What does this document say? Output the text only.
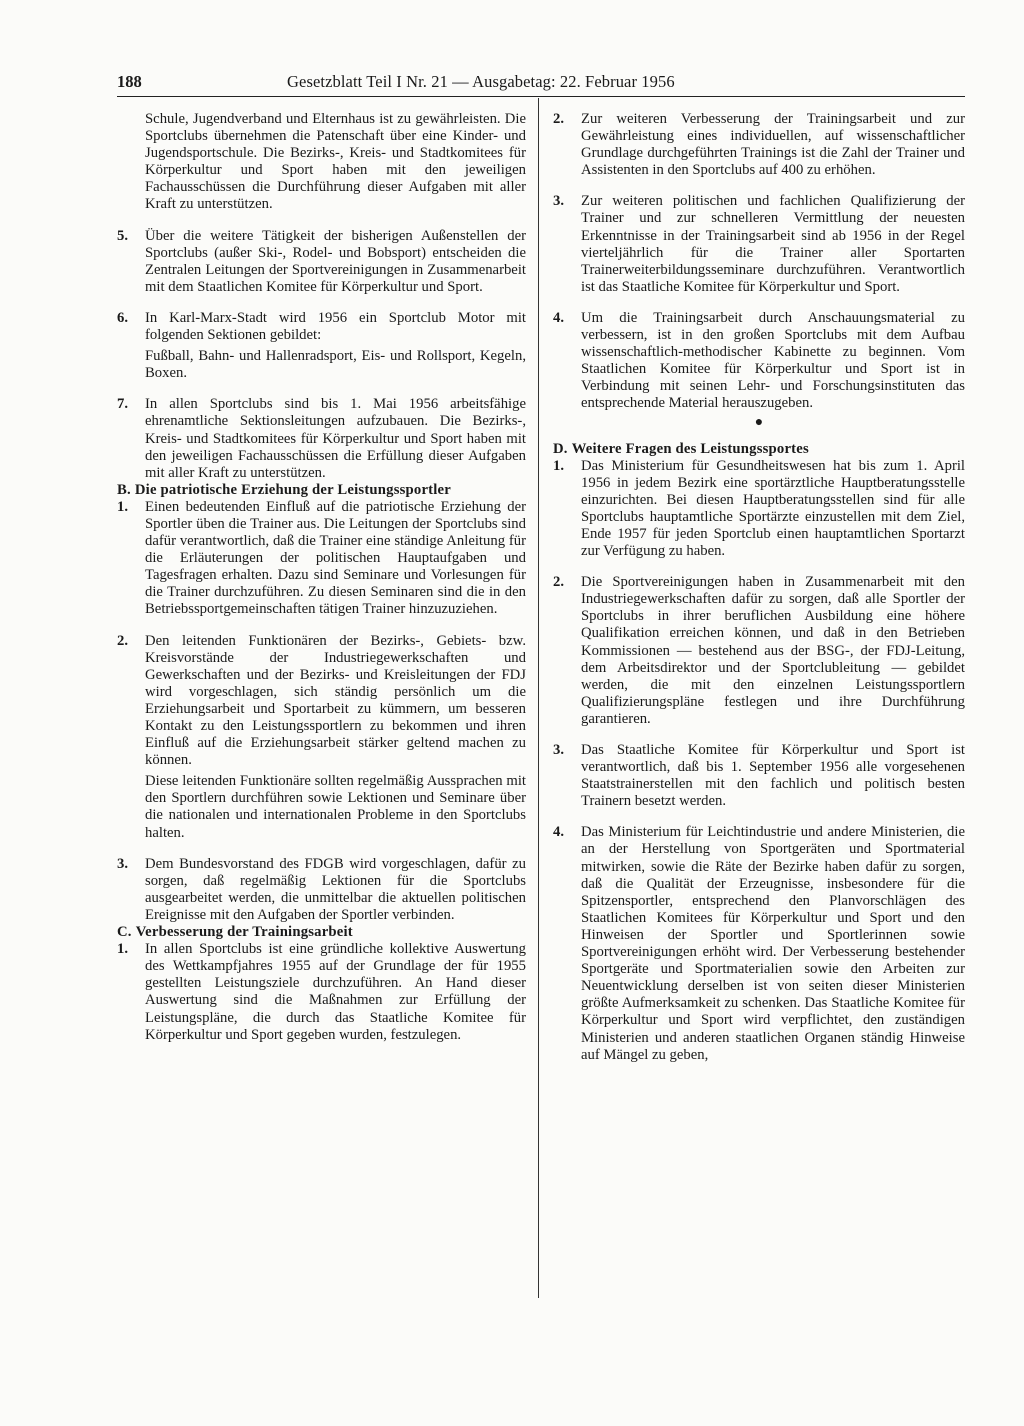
188	Gesetzblatt Teil I Nr. 21 — Ausgabetag: 22. Februar 1956

Schule, Jugendverband und Elternhaus ist zu gewährleisten. Die Sportclubs übernehmen die Patenschaft über eine Kinder- und Jugendsportschule. Die Bezirks-, Kreis- und Stadtkomitees für Körperkultur und Sport haben mit den jeweiligen Fachausschüssen die Durchführung dieser Aufgaben mit aller Kraft zu unterstützen.

5. Über die weitere Tätigkeit der bisherigen Außenstellen der Sportclubs (außer Ski-, Rodel- und Bobsport) entscheiden die Zentralen Leitungen der Sportvereinigungen in Zusammenarbeit mit dem Staatlichen Komitee für Körperkultur und Sport.

6. In Karl-Marx-Stadt wird 1956 ein Sportclub Motor mit folgenden Sektionen gebildet:

Fußball, Bahn- und Hallenradsport, Eis- und Rollsport, Kegeln, Boxen.

7. In allen Sportclubs sind bis 1. Mai 1956 arbeitsfähige ehrenamtliche Sektionsleitungen aufzubauen. Die Bezirks-, Kreis- und Stadtkomitees für Körperkultur und Sport haben mit den jeweiligen Fachausschüssen die Erfüllung dieser Aufgaben mit aller Kraft zu unterstützen.

B. Die patriotische Erziehung der Leistungssportler

1. Einen bedeutenden Einfluß auf die patriotische Erziehung der Sportler üben die Trainer aus. Die Leitungen der Sportclubs sind dafür verantwortlich, daß die Trainer eine ständige Anleitung für die Erläuterungen der politischen Hauptaufgaben und Tagesfragen erhalten. Dazu sind Seminare und Vorlesungen für die Trainer durchzuführen. Zu diesen Seminaren sind die in den Betriebssportgemeinschaften tätigen Trainer hinzuzuziehen.

2. Den leitenden Funktionären der Bezirks-, Gebiets- bzw. Kreisvorstände der Industriegewerkschaften und Gewerkschaften und der Bezirks- und Kreisleitungen der FDJ wird vorgeschlagen, sich ständig persönlich um die Erziehungsarbeit und Sportarbeit zu kümmern, um besseren Kontakt zu den Leistungssportlern zu bekommen und ihren Einfluß auf die Erziehungsarbeit stärker geltend machen zu können.

Diese leitenden Funktionäre sollten regelmäßig Aussprachen mit den Sportlern durchführen sowie Lektionen und Seminare über die nationalen und internationalen Probleme in den Sportclubs halten.

3. Dem Bundesvorstand des FDGB wird vorgeschlagen, dafür zu sorgen, daß regelmäßig Lektionen für die Sportclubs ausgearbeitet werden, die unmittelbar die aktuellen politischen Ereignisse mit den Aufgaben der Sportler verbinden.

C. Verbesserung der Trainingsarbeit

1. In allen Sportclubs ist eine gründliche kollektive Auswertung des Wettkampfjahres 1955 auf der Grundlage der für 1955 gestellten Leistungsziele durchzuführen. An Hand dieser Auswertung sind die Maßnahmen zur Erfüllung der Leistungspläne, die durch das Staatliche Komitee für Körperkultur und Sport gegeben wurden, festzulegen.

2. Zur weiteren Verbesserung der Trainingsarbeit und zur Gewährleistung eines individuellen, auf wissenschaftlicher Grundlage durchgeführten Trainings ist die Zahl der Trainer und Assistenten in den Sportclubs auf 400 zu erhöhen.

3. Zur weiteren politischen und fachlichen Qualifizierung der Trainer und zur schnelleren Vermittlung der neuesten Erkenntnisse in der Trainingsarbeit sind ab 1956 in der Regel vierteljährlich für die Trainer aller Sportarten Trainerweiterbildungsseminare durchzuführen. Verantwortlich ist das Staatliche Komitee für Körperkultur und Sport.

4. Um die Trainingsarbeit durch Anschauungsmaterial zu verbessern, ist in den großen Sportclubs mit dem Aufbau wissenschaftlich-methodischer Kabinette zu beginnen. Vom Staatlichen Komitee für Körperkultur und Sport ist in Verbindung mit seinen Lehr- und Forschungsinstituten das entsprechende Material herauszugeben.

●

D. Weitere Fragen des Leistungssportes

1. Das Ministerium für Gesundheitswesen hat bis zum 1. April 1956 in jedem Bezirk eine sportärztliche Hauptberatungsstelle einzurichten. Bei diesen Hauptberatungsstellen sind für alle Sportclubs hauptamtliche Sportärzte einzustellen mit dem Ziel, Ende 1957 für jeden Sportclub einen hauptamtlichen Sportarzt zur Verfügung zu haben.

2. Die Sportvereinigungen haben in Zusammenarbeit mit den Industriegewerkschaften dafür zu sorgen, daß alle Sportler der Sportclubs in ihrer beruflichen Ausbildung eine höhere Qualifikation erreichen können, und daß in den Betrieben Kommissionen — bestehend aus der BSG-, der FDJ-Leitung, dem Arbeitsdirektor und der Sportclubleitung — gebildet werden, die mit den einzelnen Leistungssportlern Qualifizierungspläne festlegen und ihre Durchführung garantieren.

3. Das Staatliche Komitee für Körperkultur und Sport ist verantwortlich, daß bis 1. September 1956 alle vorgesehenen Staatstrainerstellen mit den fachlich und politisch besten Trainern besetzt werden.

4. Das Ministerium für Leichtindustrie und andere Ministerien, die an der Herstellung von Sportgeräten und Sportmaterial mitwirken, sowie die Räte der Bezirke haben dafür zu sorgen, daß die Qualität der Erzeugnisse, insbesondere für die Spitzensportler, entsprechend den Planvorschlägen des Staatlichen Komitees für Körperkultur und Sport und den Hinweisen der Sportler und Sportlerinnen sowie Sportvereinigungen erhöht wird. Der Verbesserung bestehender Sportgeräte und Sportmaterialien sowie den Arbeiten zur Neuentwicklung derselben ist von seiten dieser Ministerien größte Aufmerksamkeit zu schenken. Das Staatliche Komitee für Körperkultur und Sport wird verpflichtet, den zuständigen Ministerien und anderen staatlichen Organen ständig Hinweise auf Mängel zu geben,
